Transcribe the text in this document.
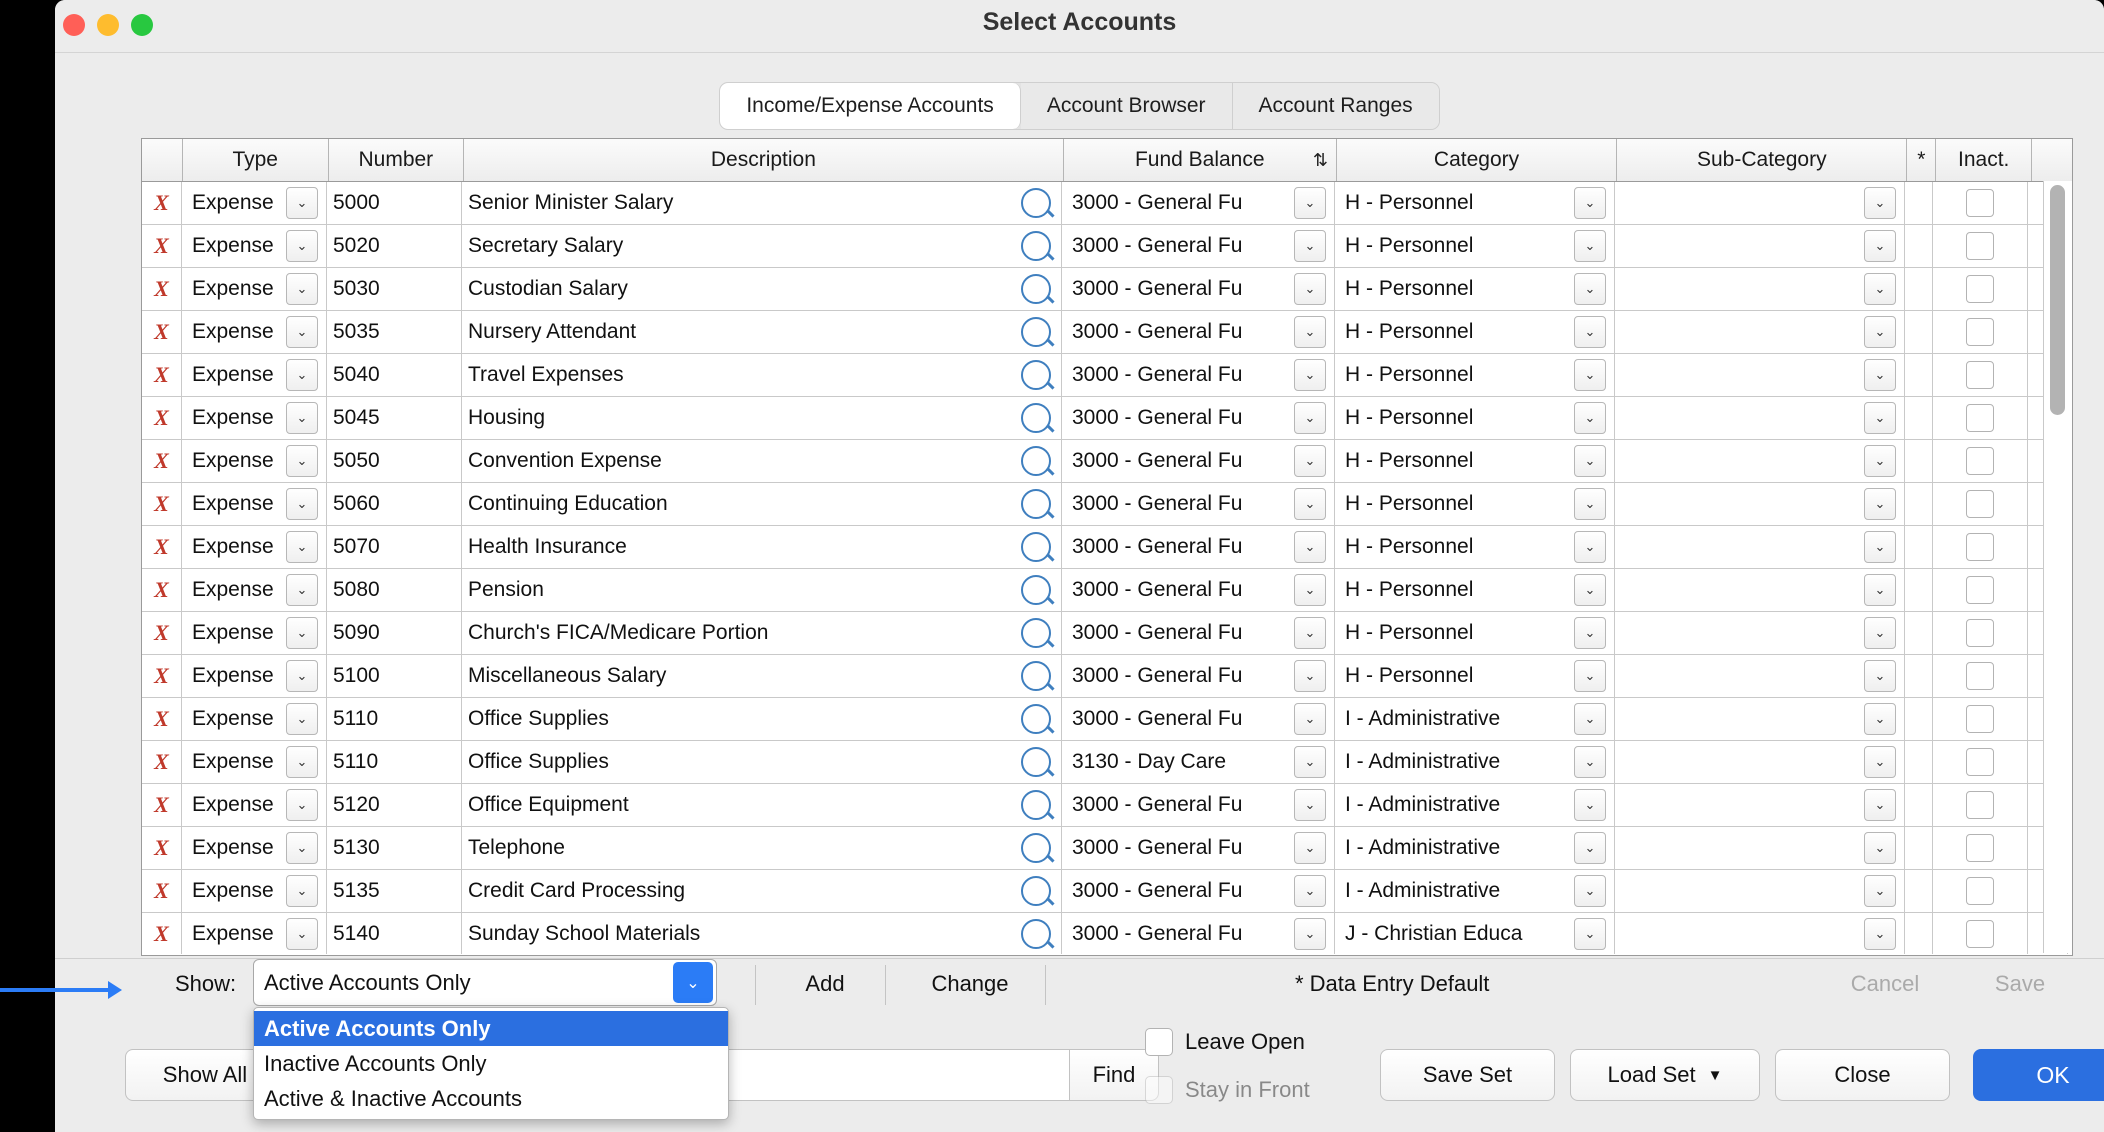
Select Accounts
Income/Expense Accounts	Account Browser	Account Ranges
Type	Number	Description	Fund Balance	⇅	Category	Sub-Category	*	Inact.
X Expense	⌄	5000	Senior Minister Salary	3000 - General Fu	⌄	H - Personnel	⌄	⌄
X Expense	⌄	5020	Secretary Salary	3000 - General Fu	⌄	H - Personnel	⌄	⌄
X Expense	⌄	5030	Custodian Salary	3000 - General Fu	⌄	H - Personnel	⌄	⌄
X Expense	⌄	5035	Nursery Attendant	3000 - General Fu	⌄	H - Personnel	⌄	⌄
X Expense	⌄	5040	Travel Expenses	3000 - General Fu	⌄	H - Personnel	⌄	⌄
X Expense	⌄	5045	Housing	3000 - General Fu	⌄	H - Personnel	⌄	⌄
X Expense	⌄	5050	Convention Expense	3000 - General Fu	⌄	H - Personnel	⌄	⌄
X Expense	⌄	5060	Continuing Education	3000 - General Fu	⌄	H - Personnel	⌄	⌄
X Expense	⌄	5070	Health Insurance	3000 - General Fu	⌄	H - Personnel	⌄	⌄
X Expense	⌄	5080	Pension	3000 - General Fu	⌄	H - Personnel	⌄	⌄
X Expense	⌄	5090	Church's FICA/Medicare Portion	3000 - General Fu	⌄	H - Personnel	⌄	⌄
X Expense	⌄	5100	Miscellaneous Salary	3000 - General Fu	⌄	H - Personnel	⌄	⌄
X Expense	⌄	5110	Office Supplies	3000 - General Fu	⌄	I - Administrative	⌄	⌄
X Expense	⌄	5110	Office Supplies	3130 - Day Care	⌄	I - Administrative	⌄	⌄
X Expense	⌄	5120	Office Equipment	3000 - General Fu	⌄	I - Administrative	⌄	⌄
X Expense	⌄	5130	Telephone	3000 - General Fu	⌄	I - Administrative	⌄	⌄
X Expense	⌄	5135	Credit Card Processing	3000 - General Fu	⌄	I - Administrative	⌄	⌄
X Expense	⌄	5140	Sunday School Materials	3000 - General Fu	⌄	J - Christian Educa	⌄	⌄
Show:	Active Accounts Only	⌄
Active Accounts Only
Inactive Accounts Only
Active & Inactive Accounts
Add	Change	* Data Entry Default	Cancel	Save
Show All	Find
Leave Open
Stay in Front
Save Set	Load Set ▼	Close	OK
